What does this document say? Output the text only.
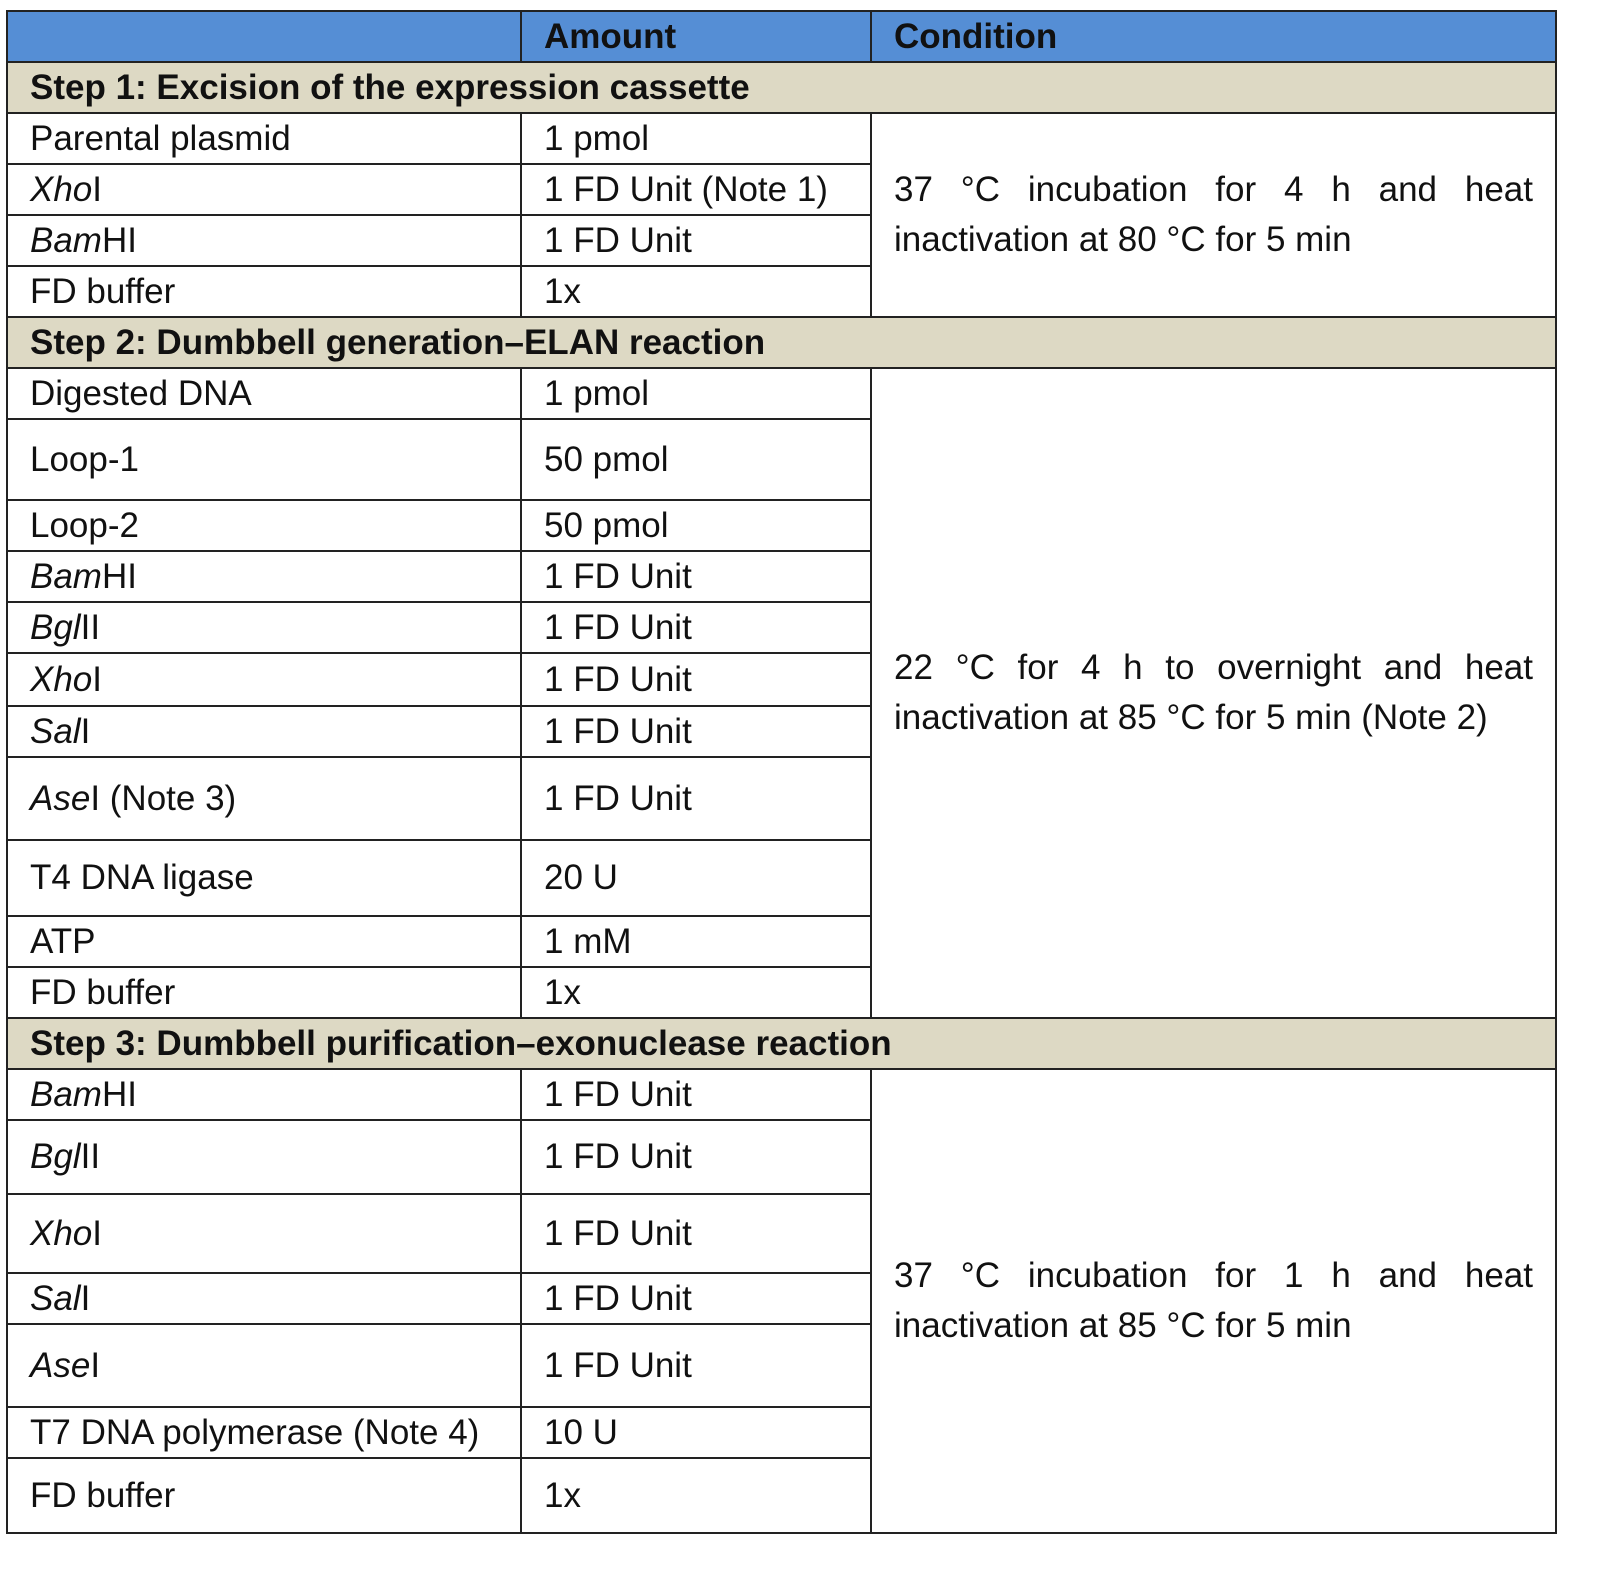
	Amount	Condition
Step 1: Excision of the expression cassette		
Parental plasmid	1 pmol	37 °C incubation for 4 h and heat inactivation at 80 °C for 5 min
XhoI	1 FD Unit (Note 1)	
BamHI	1 FD Unit	
FD buffer	1x	
Step 2: Dumbbell generation–ELAN reaction		
Digested DNA	1 pmol	22 °C for 4 h to overnight and heat inactivation at 85 °C for 5 min (Note 2)
Loop-1	50 pmol	
Loop-2	50 pmol	
BamHI	1 FD Unit	
BglII	1 FD Unit	
XhoI	1 FD Unit	
SalI	1 FD Unit	
AseI (Note 3)	1 FD Unit	
T4 DNA ligase	20 U	
ATP	1 mM	
FD buffer	1x	
Step 3: Dumbbell purification–exonuclease reaction		
BamHI	1 FD Unit	37 °C incubation for 1 h and heat inactivation at 85 °C for 5 min
BglII	1 FD Unit	
XhoI	1 FD Unit	
SalI	1 FD Unit	
AseI	1 FD Unit	
T7 DNA polymerase (Note 4)	10 U	
FD buffer	1x	
